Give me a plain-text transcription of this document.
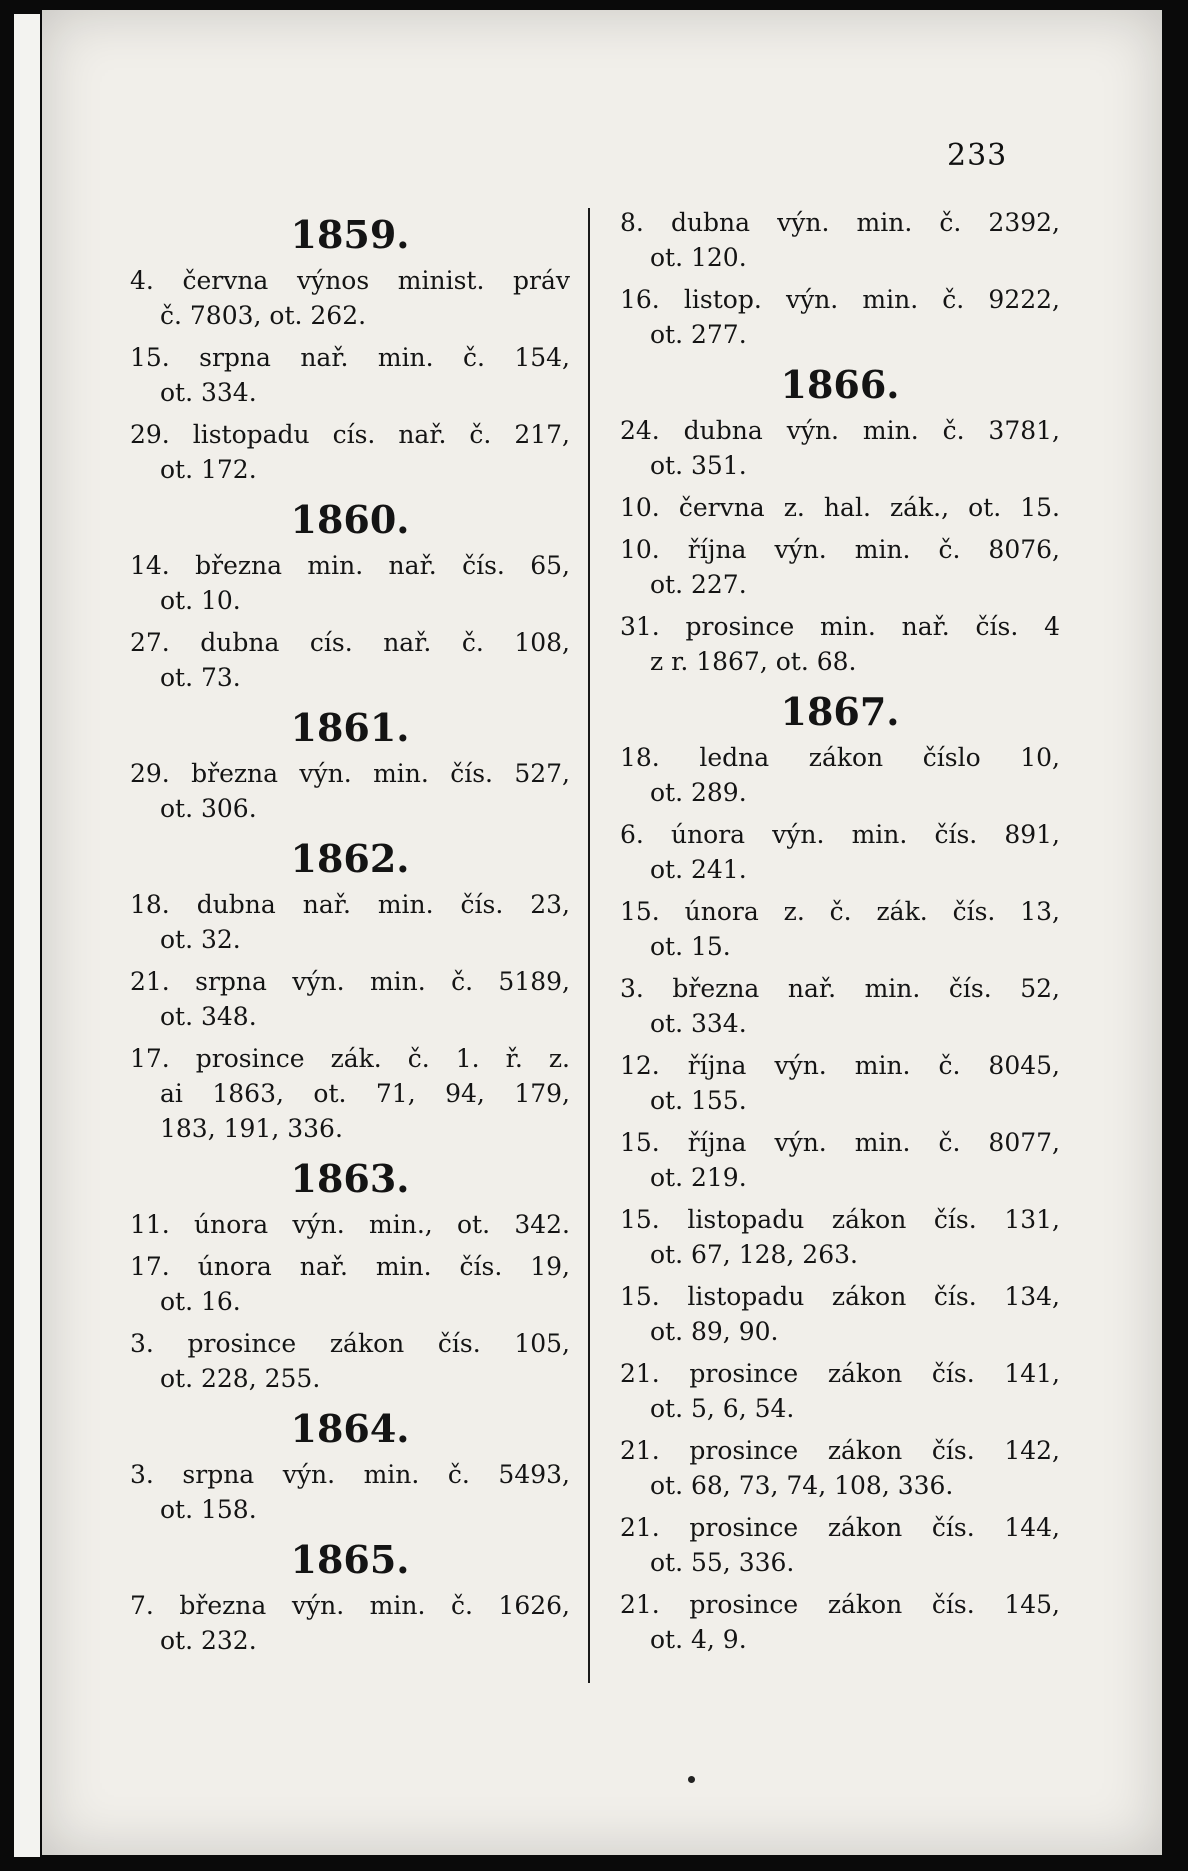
233
1859.
4. června výnos minist. práv
č. 7803, ot. 262.
15. srpna nař. min. č. 154,
ot. 334.
29. listopadu cís. nař. č. 217,
ot. 172.
1860.
14. března min. nař. čís. 65,
ot. 10.
27. dubna cís. nař. č. 108,
ot. 73.
1861.
29. března výn. min. čís. 527,
ot. 306.
1862.
18. dubna nař. min. čís. 23,
ot. 32.
21. srpna výn. min. č. 5189,
ot. 348.
17. prosince zák. č. 1. ř. z.
ai 1863, ot. 71, 94, 179,
183, 191, 336.
1863.
11. února výn. min., ot. 342.
17. února nař. min. čís. 19,
ot. 16.
3. prosince zákon čís. 105,
ot. 228, 255.
1864.
3. srpna výn. min. č. 5493,
ot. 158.
1865.
7. března výn. min. č. 1626,
ot. 232.
8. dubna výn. min. č. 2392,
ot. 120.
16. listop. výn. min. č. 9222,
ot. 277.
1866.
24. dubna výn. min. č. 3781,
ot. 351.
10. června z. hal. zák., ot. 15.
10. října výn. min. č. 8076,
ot. 227.
31. prosince min. nař. čís. 4
z r. 1867, ot. 68.
1867.
18. ledna zákon číslo 10,
ot. 289.
6. února výn. min. čís. 891,
ot. 241.
15. února z. č. zák. čís. 13,
ot. 15.
3. března nař. min. čís. 52,
ot. 334.
12. října výn. min. č. 8045,
ot. 155.
15. října výn. min. č. 8077,
ot. 219.
15. listopadu zákon čís. 131,
ot. 67, 128, 263.
15. listopadu zákon čís. 134,
ot. 89, 90.
21. prosince zákon čís. 141,
ot. 5, 6, 54.
21. prosince zákon čís. 142,
ot. 68, 73, 74, 108, 336.
21. prosince zákon čís. 144,
ot. 55, 336.
21. prosince zákon čís. 145,
ot. 4, 9.
